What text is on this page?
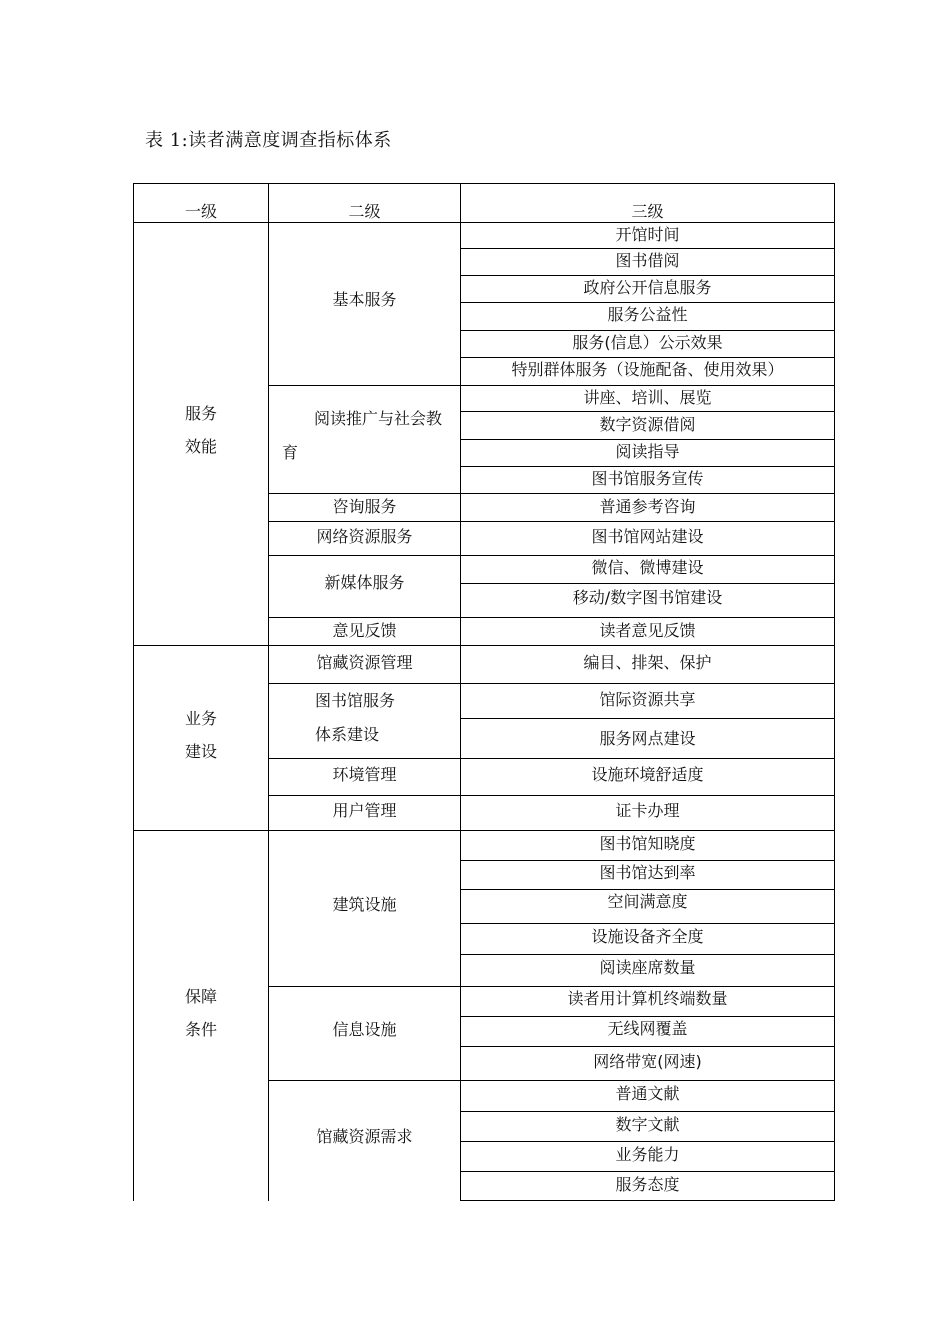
表 1:读者满意度调查指标体系
一级	二级	三级
服务
效能
业务
建设
保障
条件
基本服务
阅读推广与社会教
育
咨询服务
网络资源服务
新媒体服务
意见反馈
馆藏资源管理
图书馆服务
体系建设
环境管理
用户管理
建筑设施
信息设施
馆藏资源需求
开馆时间
图书借阅
政府公开信息服务
服务公益性
服务(信息）公示效果
特别群体服务（设施配备、使用效果）
讲座、培训、展览
数字资源借阅
阅读指导
图书馆服务宣传
普通参考咨询
图书馆网站建设
微信、微博建设
移动/数字图书馆建设
读者意见反馈
编目、排架、保护
馆际资源共享
服务网点建设
设施环境舒适度
证卡办理
图书馆知晓度
图书馆达到率
空间满意度
设施设备齐全度
阅读座席数量
读者用计算机终端数量
无线网覆盖
网络带宽(网速)
普通文献
数字文献
业务能力
服务态度
